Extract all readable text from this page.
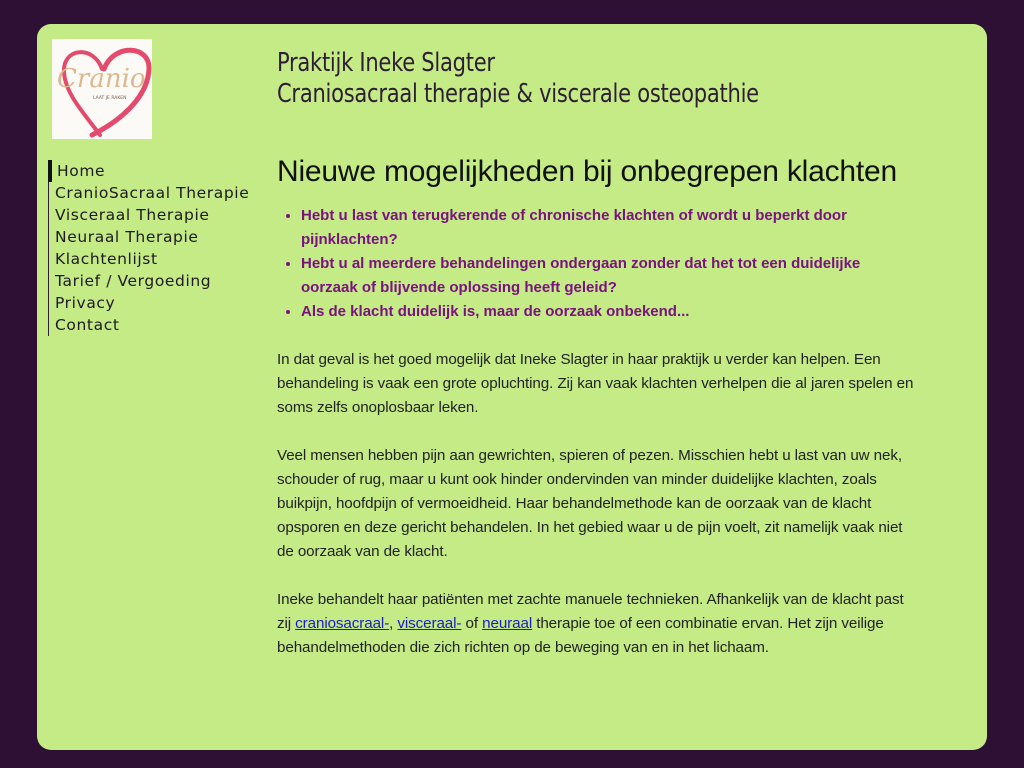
Cranio
LAAT JE RAKEN
Praktijk Ineke Slagter
Craniosacraal therapie & viscerale osteopathie
Home
CranioSacraal Therapie
Visceraal Therapie
Neuraal Therapie
Klachtenlijst
Tarief / Vergoeding
Privacy
Contact
Nieuwe mogelijkheden bij onbegrepen klachten
• Hebt u last van terugkerende of chronische klachten of wordt u beperkt door pijnklachten?
• Hebt u al meerdere behandelingen ondergaan zonder dat het tot een duidelijke oorzaak of blijvende oplossing heeft geleid?
• Als de klacht duidelijk is, maar de oorzaak onbekend...

In dat geval is het goed mogelijk dat Ineke Slagter in haar praktijk u verder kan helpen. Een behandeling is vaak een grote opluchting. Zij kan vaak klachten verhelpen die al jaren spelen en soms zelfs onoplosbaar leken.

Veel mensen hebben pijn aan gewrichten, spieren of pezen. Misschien hebt u last van uw nek, schouder of rug, maar u kunt ook hinder ondervinden van minder duidelijke klachten, zoals buikpijn, hoofdpijn of vermoeidheid. Haar behandelmethode kan de oorzaak van de klacht opsporen en deze gericht behandelen. In het gebied waar u de pijn voelt, zit namelijk vaak niet de oorzaak van de klacht.

Ineke behandelt haar patiënten met zachte manuele technieken. Afhankelijk van de klacht past zij craniosacraal-, visceraal- of neuraal therapie toe of een combinatie ervan. Het zijn veilige behandelmethoden die zich richten op de beweging van en in het lichaam.
